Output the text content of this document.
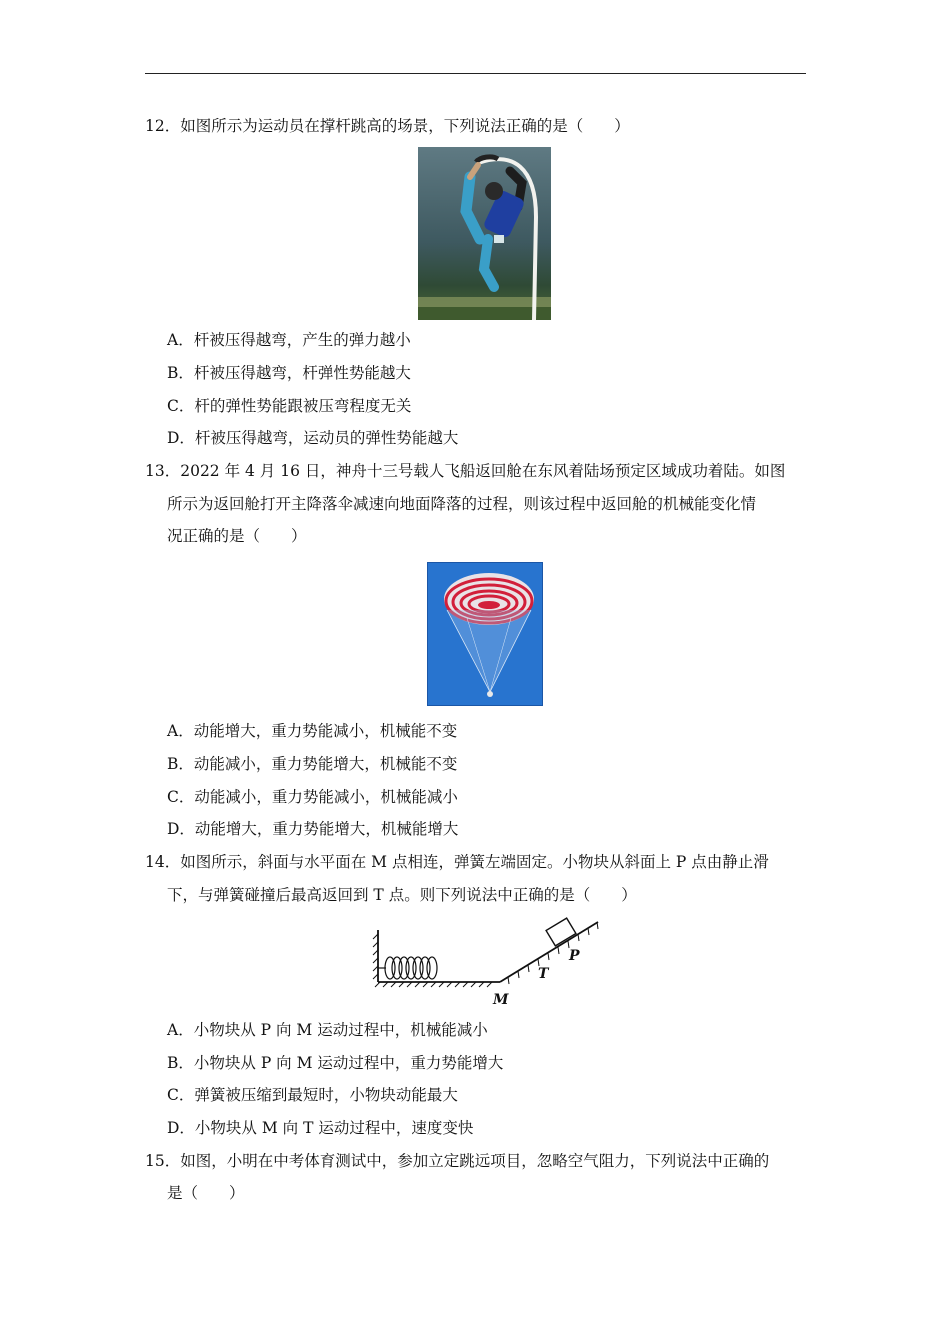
12．如图所示为运动员在撑杆跳高的场景，下列说法正确的是（　　）
A．杆被压得越弯，产生的弹力越小
B．杆被压得越弯，杆弹性势能越大
C．杆的弹性势能跟被压弯程度无关
D．杆被压得越弯，运动员的弹性势能越大
13．2022 年 4 月 16 日，神舟十三号载人飞船返回舱在东风着陆场预定区域成功着陆。如图
所示为返回舱打开主降落伞减速向地面降落的过程，则该过程中返回舱的机械能变化情
况正确的是（　　）
A．动能增大，重力势能减小，机械能不变
B．动能减小，重力势能增大，机械能不变
C．动能减小，重力势能减小，机械能减小
D．动能增大，重力势能增大，机械能增大
14．如图所示，斜面与水平面在 M 点相连，弹簧左端固定。小物块从斜面上 P 点由静止滑
下，与弹簧碰撞后最高返回到 T 点。则下列说法中正确的是（　　）
P
T
M
A．小物块从 P 向 M 运动过程中，机械能减小
B．小物块从 P 向 M 运动过程中，重力势能增大
C．弹簧被压缩到最短时，小物块动能最大
D．小物块从 M 向 T 运动过程中，速度变快
15．如图，小明在中考体育测试中，参加立定跳远项目，忽略空气阻力，下列说法中正确的
是（　　）
